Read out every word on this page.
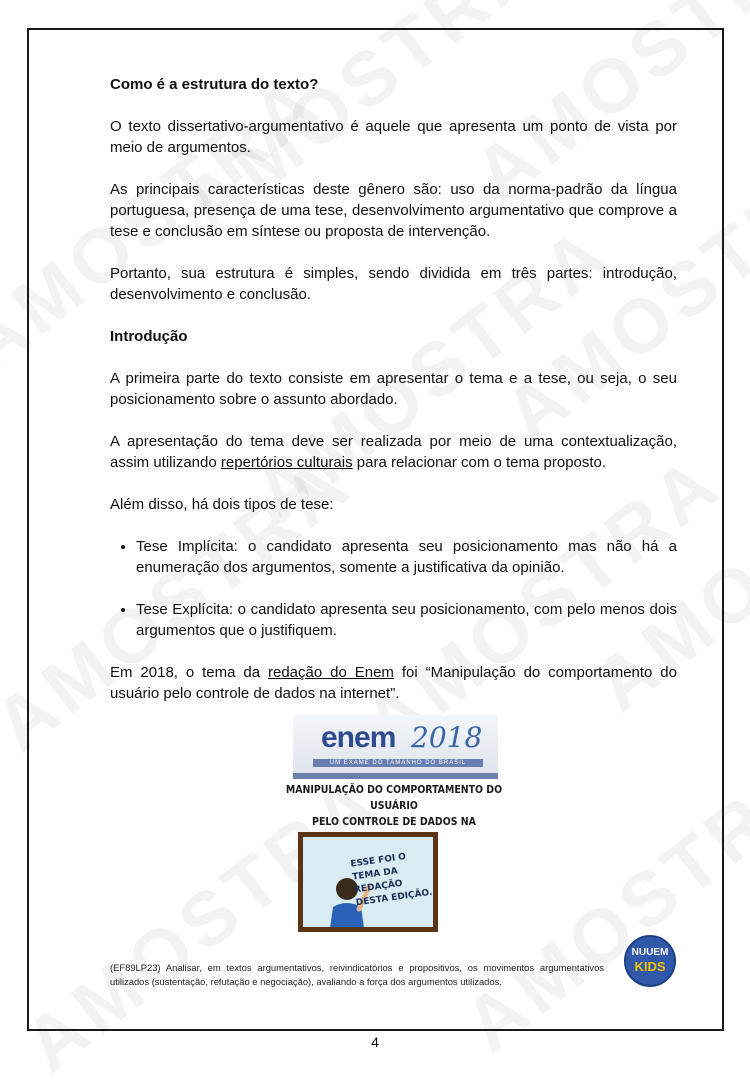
Como é a estrutura do texto?

O texto dissertativo-argumentativo é aquele que apresenta um ponto de vista por meio de argumentos.

As principais características deste gênero são: uso da norma-padrão da língua portuguesa, presença de uma tese, desenvolvimento argumentativo que comprove a tese e conclusão em síntese ou proposta de intervenção.

Portanto, sua estrutura é simples, sendo dividida em três partes: introdução, desenvolvimento e conclusão.

Introdução

A primeira parte do texto consiste em apresentar o tema e a tese, ou seja, o seu posicionamento sobre o assunto abordado.

A apresentação do tema deve ser realizada por meio de uma contextualização, assim utilizando repertórios culturais para relacionar com o tema proposto.

Além disso, há dois tipos de tese:

• Tese Implícita: o candidato apresenta seu posicionamento mas não há a enumeração dos argumentos, somente a justificativa da opinião.
• Tese Explícita: o candidato apresenta seu posicionamento, com pelo menos dois argumentos que o justifiquem.

Em 2018, o tema da redação do Enem foi “Manipulação do comportamento do usuário pelo controle de dados na internet”.

enem 2018
UM EXAME DO TAMANHO DO BRASIL
MANIPULAÇÃO DO COMPORTAMENTO DO USUÁRIO
PELO CONTROLE DE DADOS NA
ESSE FOI O TEMA DA
REDAÇÃO DESTA EDIÇÃO.
(EF89LP23) Analisar, em textos argumentativos, reivindicatórios e propositivos, os movimentos argumentativos utilizados (sustentação, refutação e negociação), avaliando a força dos argumentos utilizados.
NUUEM
KIDS
4
